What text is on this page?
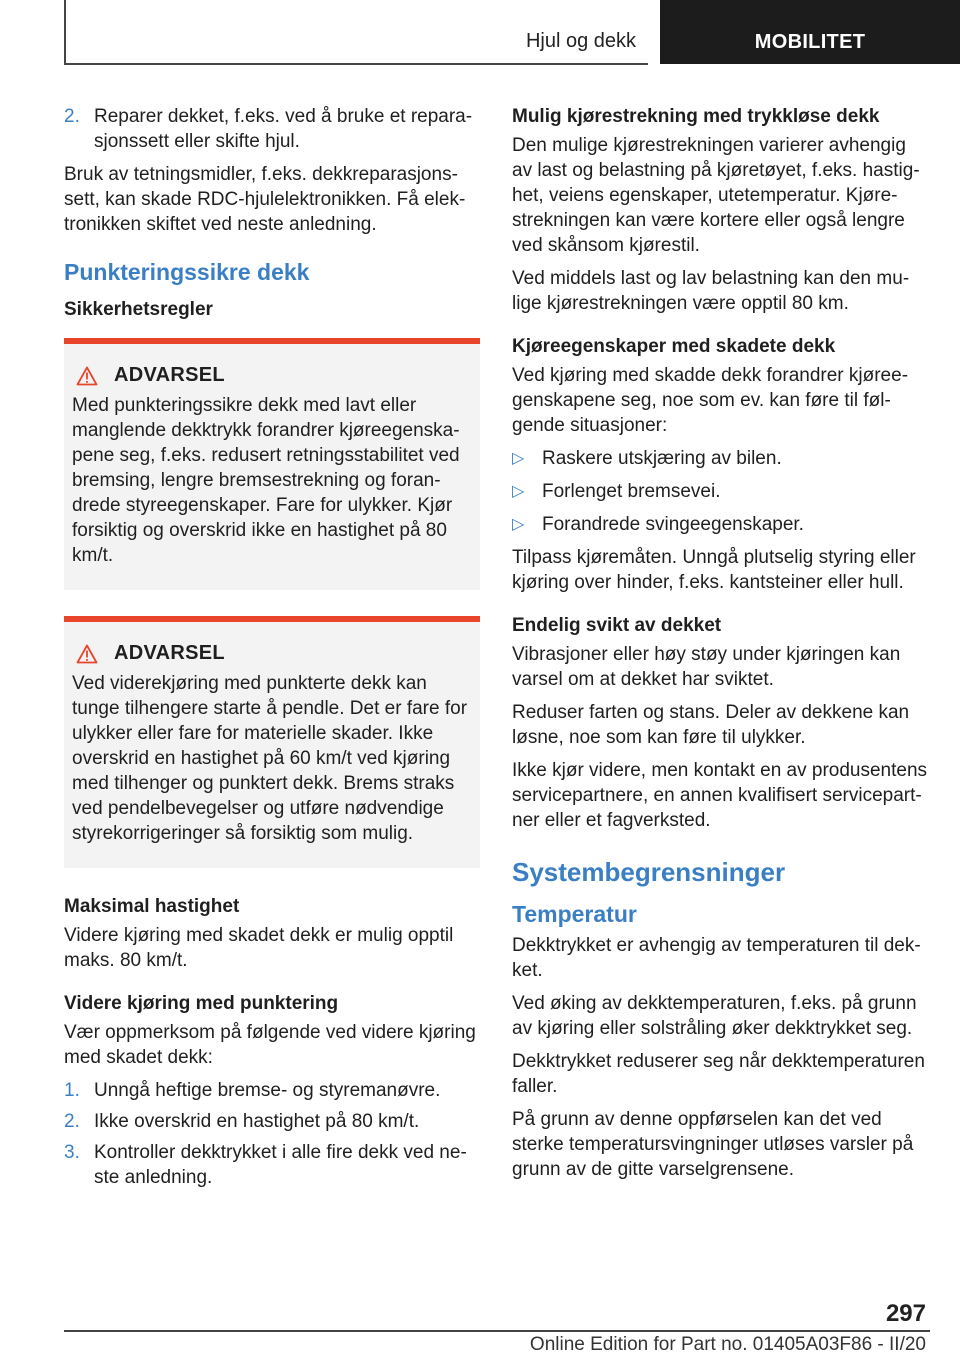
Hjul og dekk	MOBILITET
2. Reparer dekket, f.eks. ved å bruke et reparasjonssett eller skifte hjul.

Bruk av tetningsmidler, f.eks. dekkreparasjonssett, kan skade RDC-hjulelektronikken. Få elektronikken skiftet ved neste anledning.

Punkteringssikre dekk
Sikkerhetsregler
ADVARSEL

Med punkteringssikre dekk med lavt eller manglende dekktrykk forandrer kjøreegenskapene seg, f.eks. redusert retningsstabilitet ved bremsing, lengre bremsestrekning og forandrede styreegenskaper. Fare for ulykker. Kjør forsiktig og overskrid ikke en hastighet på 80 km/t.

ADVARSEL

Ved viderekjøring med punkterte dekk kan tunge tilhengere starte å pendle. Det er fare for ulykker eller fare for materielle skader. Ikke overskrid en hastighet på 60 km/t ved kjøring med tilhenger og punktert dekk. Brems straks ved pendelbevegelser og utføre nødvendige styrekorrigeringer så forsiktig som mulig.

Maksimal hastighet

Videre kjøring med skadet dekk er mulig opptil maks. 80 km/t.

Videre kjøring med punktering

Vær oppmerksom på følgende ved videre kjøring med skadet dekk:

1. Unngå heftige bremse- og styremanøvre.
2. Ikke overskrid en hastighet på 80 km/t.
3. Kontroller dekktrykket i alle fire dekk ved neste anledning.
Mulig kjørestrekning med trykkløse dekk

Den mulige kjørestrekningen varierer avhengig av last og belastning på kjøretøyet, f.eks. hastighet, veiens egenskaper, utetemperatur. Kjørestrekningen kan være kortere eller også lengre ved skånsom kjørestil.

Ved middels last og lav belastning kan den mulige kjørestrekningen være opptil 80 km.

Kjøreegenskaper med skadete dekk

Ved kjøring med skadde dekk forandrer kjøreegenskapene seg, noe som ev. kan føre til følgende situasjoner:

▷ Raskere utskjæring av bilen.
▷ Forlenget bremsevei.
▷ Forandrede svingeegenskaper.

Tilpass kjøremåten. Unngå plutselig styring eller kjøring over hinder, f.eks. kantsteiner eller hull.

Endelig svikt av dekket

Vibrasjoner eller høy støy under kjøringen kan varsel om at dekket har sviktet.

Reduser farten og stans. Deler av dekkene kan løsne, noe som kan føre til ulykker.

Ikke kjør videre, men kontakt en av produsentens servicepartnere, en annen kvalifisert servicepartner eller et fagverksted.

Systembegrensninger
Temperatur

Dekktrykket er avhengig av temperaturen til dekket.

Ved øking av dekktemperaturen, f.eks. på grunn av kjøring eller solstråling øker dekktrykket seg.

Dekktrykket reduserer seg når dekktemperaturen faller.

På grunn av denne oppførselen kan det ved sterke temperatursvingninger utløses varsler på grunn av de gitte varselgrensene.

297
Online Edition for Part no. 01405A03F86 - II/20
